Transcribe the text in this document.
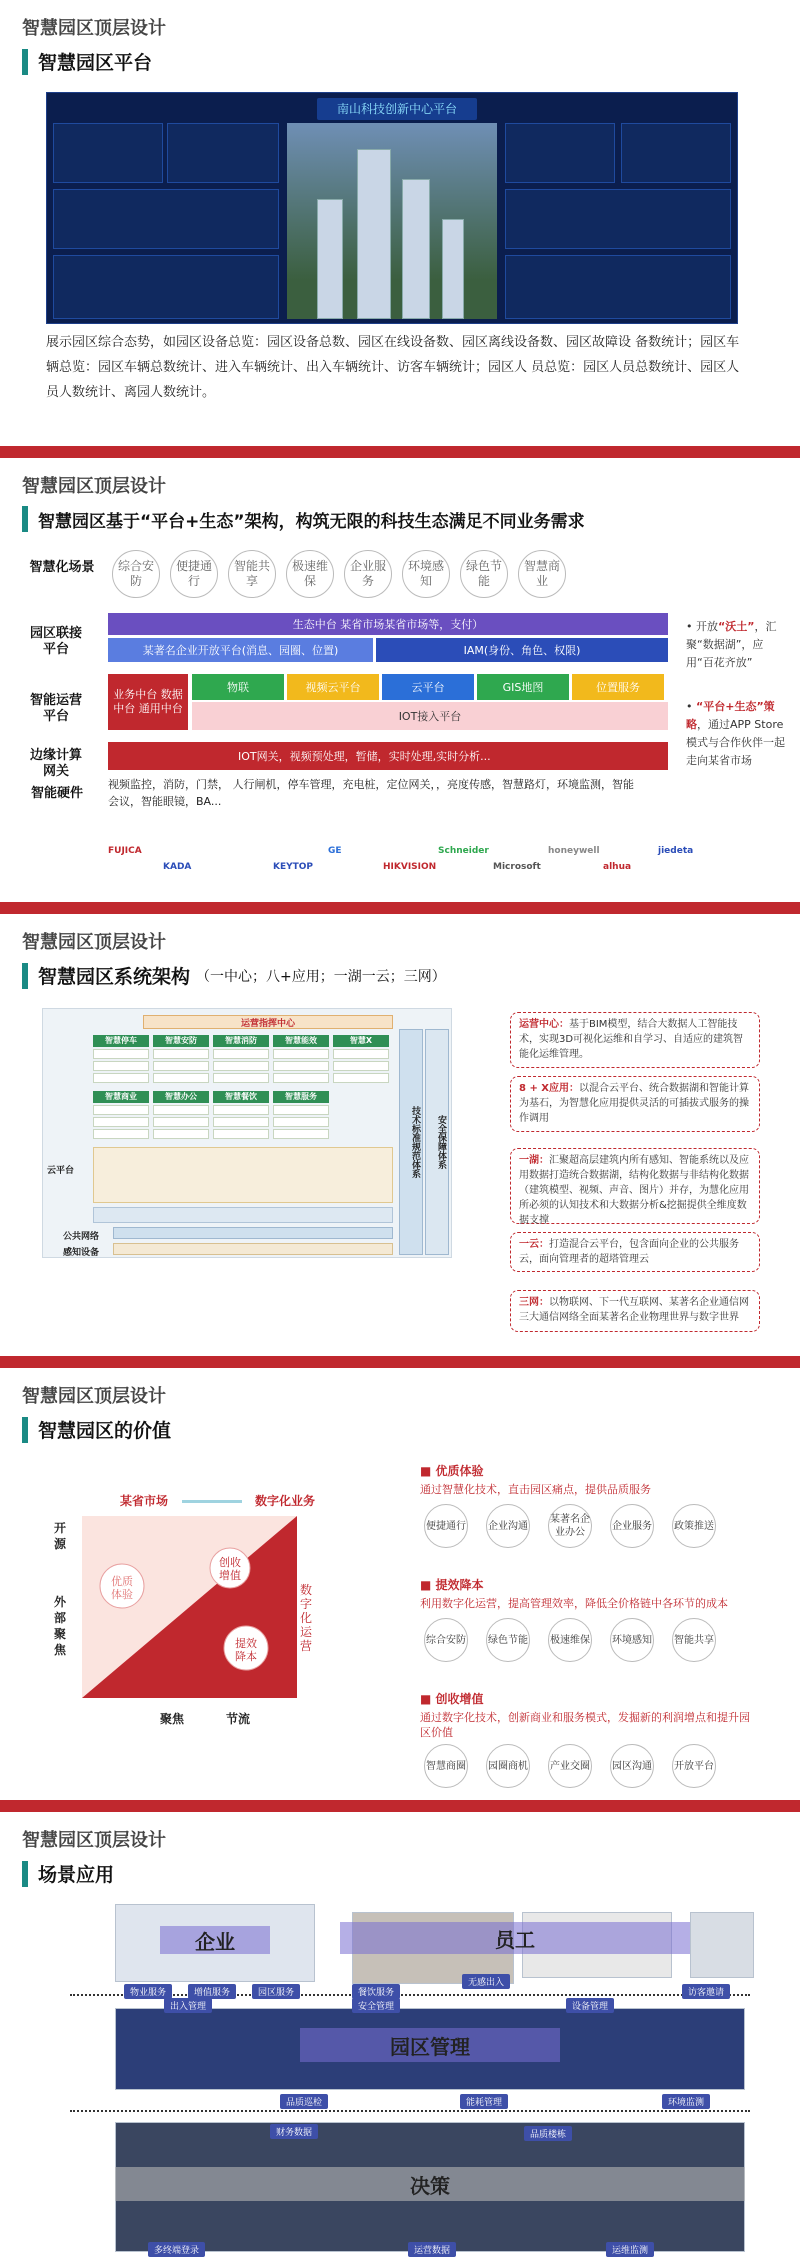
智慧园区顶层设计
智慧园区平台
南山科技创新中心平台
展示园区综合态势，如园区设备总览：园区设备总数、园区在线设备数、园区离线设备数、园区故障设 备数统计；园区车辆总览：园区车辆总数统计、进入车辆统计、出入车辆统计、访客车辆统计；园区人 员总览：园区人员总数统计、园区人员人数统计、离园人数统计。
智慧园区顶层设计
智慧园区基于“平台+生态”架构，构筑无限的科技生态满足不同业务需求
智慧化场景	综合安防
便捷通行
智能共享
极速维保
企业服务
环境感知
绿色节能
智慧商业
园区联接平台
生态中台 某省市场某省市场等，支付）
某著名企业开放平台(消息、园圈、位置)	IAM(身份、角色、权限)
智能运营平台
业务中台 数据中台 通用中台
物联	视频云平台	云平台	GIS地图	位置服务
IOT接入平台
边缘计算网关
IOT网关，视频预处理，暂储，实时处理,实时分析...
智能硬件
视频监控，消防，门禁， 人行闸机，停车管理，充电桩，定位网关，，亮度传感，智慧路灯，环境监测，智能会议，智能眼镜，BA...
• 开放“沃土”，汇聚“数据湖”，应用“百花齐放”
• “平台+生态”策略，通过APP Store模式与合作伙伴一起走向某省市场
FUJICA
KADA	KEYTOP
GE
HIKVISION
Schneider
Microsoft
honeywell
alhua
jiedeta
智慧园区顶层设计
智慧园区系统架构 （一中心；八+应用；一湖一云；三网）
运营指挥中心
智慧停车	智慧安防	智慧消防	智慧能效	智慧X
智慧商业	智慧办公	智慧餐饮	智慧服务
云平台
公共网络
感知设备
技术标准规范体系	安全保障体系
运营中心：基于BIM模型，结合大数据人工智能技术，实现3D可视化运维和自学习、自适应的建筑智能化运维管理。
8 + X应用：以混合云平台、统合数据湖和智能计算为基石，为智慧化应用提供灵活的可插拔式服务的操作调用
一湖：汇聚超高层建筑内所有感知、智能系统以及应用数据打造统合数据湖，结构化数据与非结构化数据（建筑模型、视频、声音、图片）并存，为慧化应用所必须的认知技术和大数据分析&挖掘提供全维度数据支撑
一云：打造混合云平台，包含面向企业的公共服务云，面向管理者的超塔管理云
三网：以物联网、下一代互联网、某著名企业通信网 三大通信网络全面某著名企业物理世界与数字世界
智慧园区顶层设计
智慧园区的价值
某省市场	数字化业务
开源
外部聚焦
优质体验
创收增值
提效降本
数字化运营
聚焦	节流
■ 优质体验
通过智慧化技术，直击园区痛点，提供品质服务
便捷通行 企业沟通
某著名企业办公
企业服务 政策推送
■ 提效降本
利用数字化运营，提高管理效率，降低全价格链中各环节的成本
综合安防 绿色节能 极速维保 环境感知 智能共享
■ 创收增值
通过数字化技术，创新商业和服务模式，发掘新的利润增点和提升园区价值
智慧商圈 园圈商机 产业交圈 园区沟通 开放平台
智慧园区顶层设计
场景应用
企业	员工
园区管理
决策
物业服务	增值服务	园区服务	餐饮服务
无感出入
访客邀请
出入管理	安全管理	设备管理
品质巡检	能耗管理	环境监测
财务数据	品质楼栋
多终端登录	运营数据	运维监测
